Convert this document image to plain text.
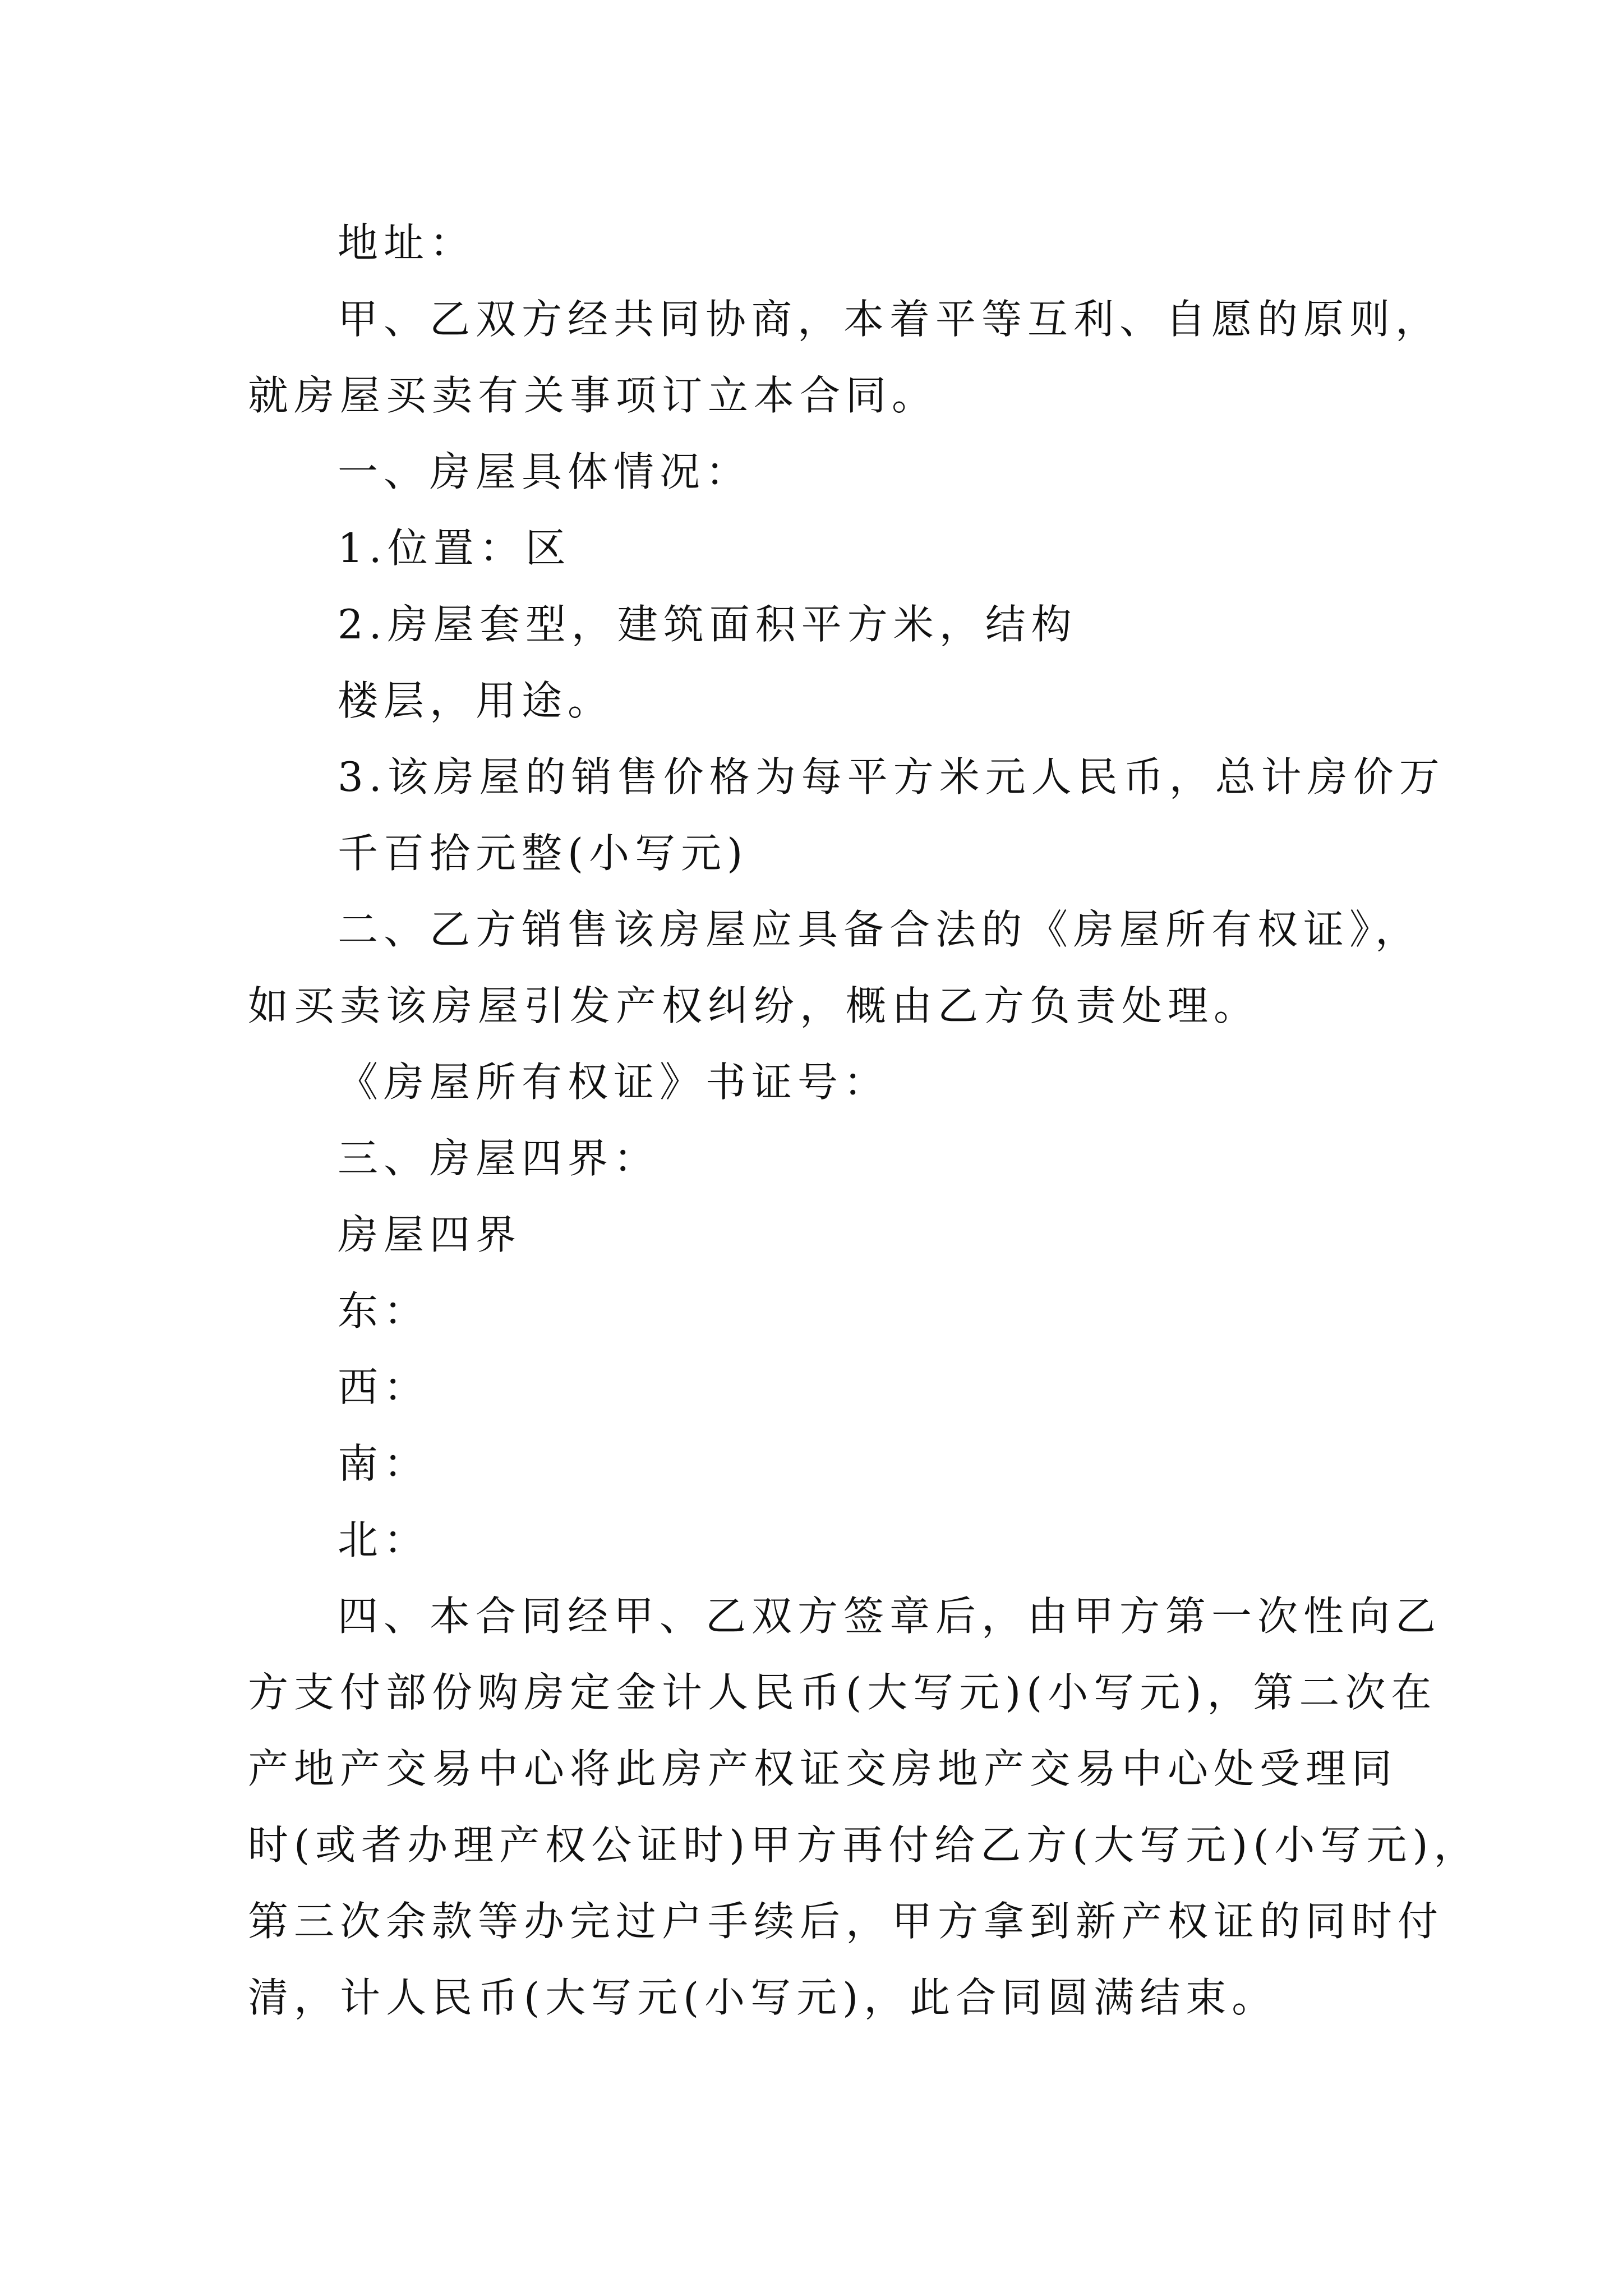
地址：
甲、乙双方经共同协商，本着平等互利、自愿的原则，
就房屋买卖有关事项订立本合同。
一、房屋具体情况：
1.位置：区
2.房屋套型，建筑面积平方米，结构
楼层，用途。
3.该房屋的销售价格为每平方米元人民币，总计房价万
千百拾元整(小写元)
二、乙方销售该房屋应具备合法的《房屋所有权证》，
如买卖该房屋引发产权纠纷，概由乙方负责处理。
《房屋所有权证》书证号：
三、房屋四界：
房屋四界
东：
西：
南：
北：
四、本合同经甲、乙双方签章后，由甲方第一次性向乙
方支付部份购房定金计人民币(大写元)(小写元)，第二次在
产地产交易中心将此房产权证交房地产交易中心处受理同
时(或者办理产权公证时)甲方再付给乙方(大写元)(小写元)，
第三次余款等办完过户手续后，甲方拿到新产权证的同时付
清，计人民币(大写元(小写元)，此合同圆满结束。
